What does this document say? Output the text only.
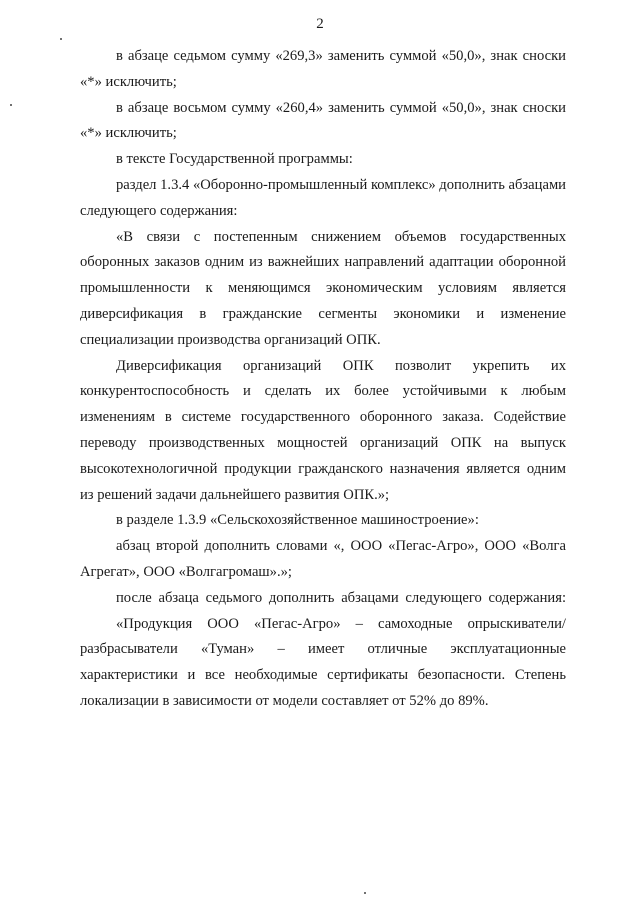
2

в абзаце седьмом сумму «269,3» заменить суммой «50,0», знак сноски «*» исключить;

в абзаце восьмом сумму «260,4» заменить суммой «50,0», знак сноски «*» исключить;

в тексте Государственной программы:

раздел 1.3.4 «Оборонно-промышленный комплекс» дополнить абзацами следующего содержания:

«В связи с постепенным снижением объемов государственных оборонных заказов одним из важнейших направлений адаптации оборонной промышленности к меняющимся экономическим условиям является диверсификация в гражданские сегменты экономики и изменение специализации производства организаций ОПК.

Диверсификация организаций ОПК позволит укрепить их конкурентоспособность и сделать их более устойчивыми к любым изменениям в системе государственного оборонного заказа. Содействие переводу производственных мощностей организаций ОПК на выпуск высокотехнологичной продукции гражданского назначения является одним из решений задачи дальнейшего развития ОПК.»;

в разделе 1.3.9 «Сельскохозяйственное машиностроение»:

абзац второй дополнить словами «, ООО «Пегас-Агро», ООО «Волга Агрегат», ООО «Волгагромаш».»;

после абзаца седьмого дополнить абзацами следующего содержания:

«Продукция ООО «Пегас-Агро» – самоходные опрыскиватели/разбрасыватели «Туман» – имеет отличные эксплуатационные характеристики и все необходимые сертификаты безопасности. Степень локализации в зависимости от модели составляет от 52% до 89%.
